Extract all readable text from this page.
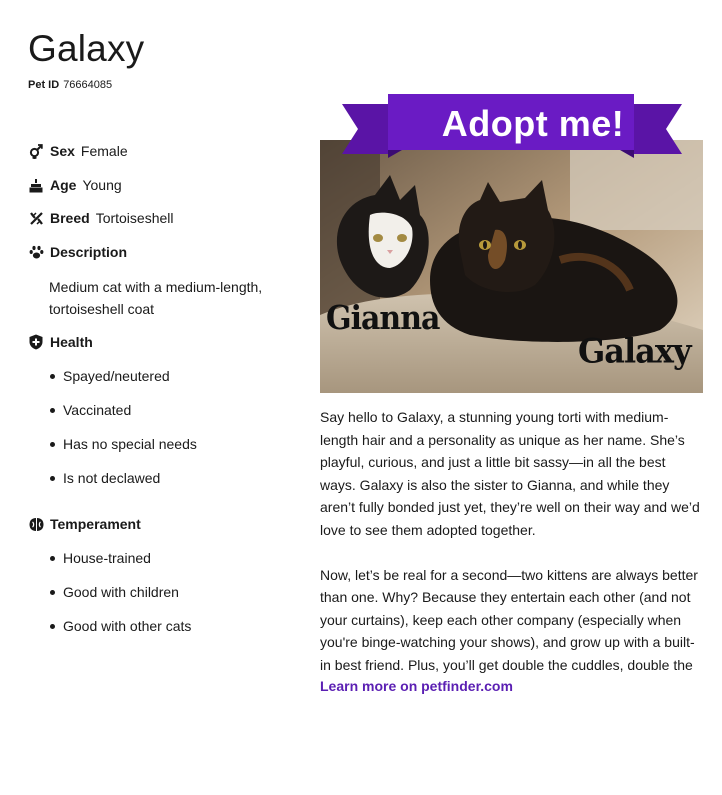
Galaxy
Pet ID 76664085
Sex Female
Age Young
Breed Tortoiseshell
Description
Medium cat with a medium-length, tortoiseshell coat
Health
Spayed/neutered
Vaccinated
Has no special needs
Is not declawed
Temperament
House-trained
Good with children
Good with other cats
Gianna
Galaxy
Adopt me!

Say hello to Galaxy, a stunning young torti with medium-length hair and a personality as unique as her name. She’s playful, curious, and just a little bit sassy—in all the best ways. Galaxy is also the sister to Gianna, and while they aren’t fully bonded just yet, they’re well on their way and we’d love to see them adopted together.

Now, let’s be real for a second—two kittens are always better than one. Why? Because they entertain each other (and not your curtains), keep each other company (especially when you're binge-watching your shows), and grow up with a built-in best friend. Plus, you’ll get double the cuddles, double the

Learn more on petfinder.com
